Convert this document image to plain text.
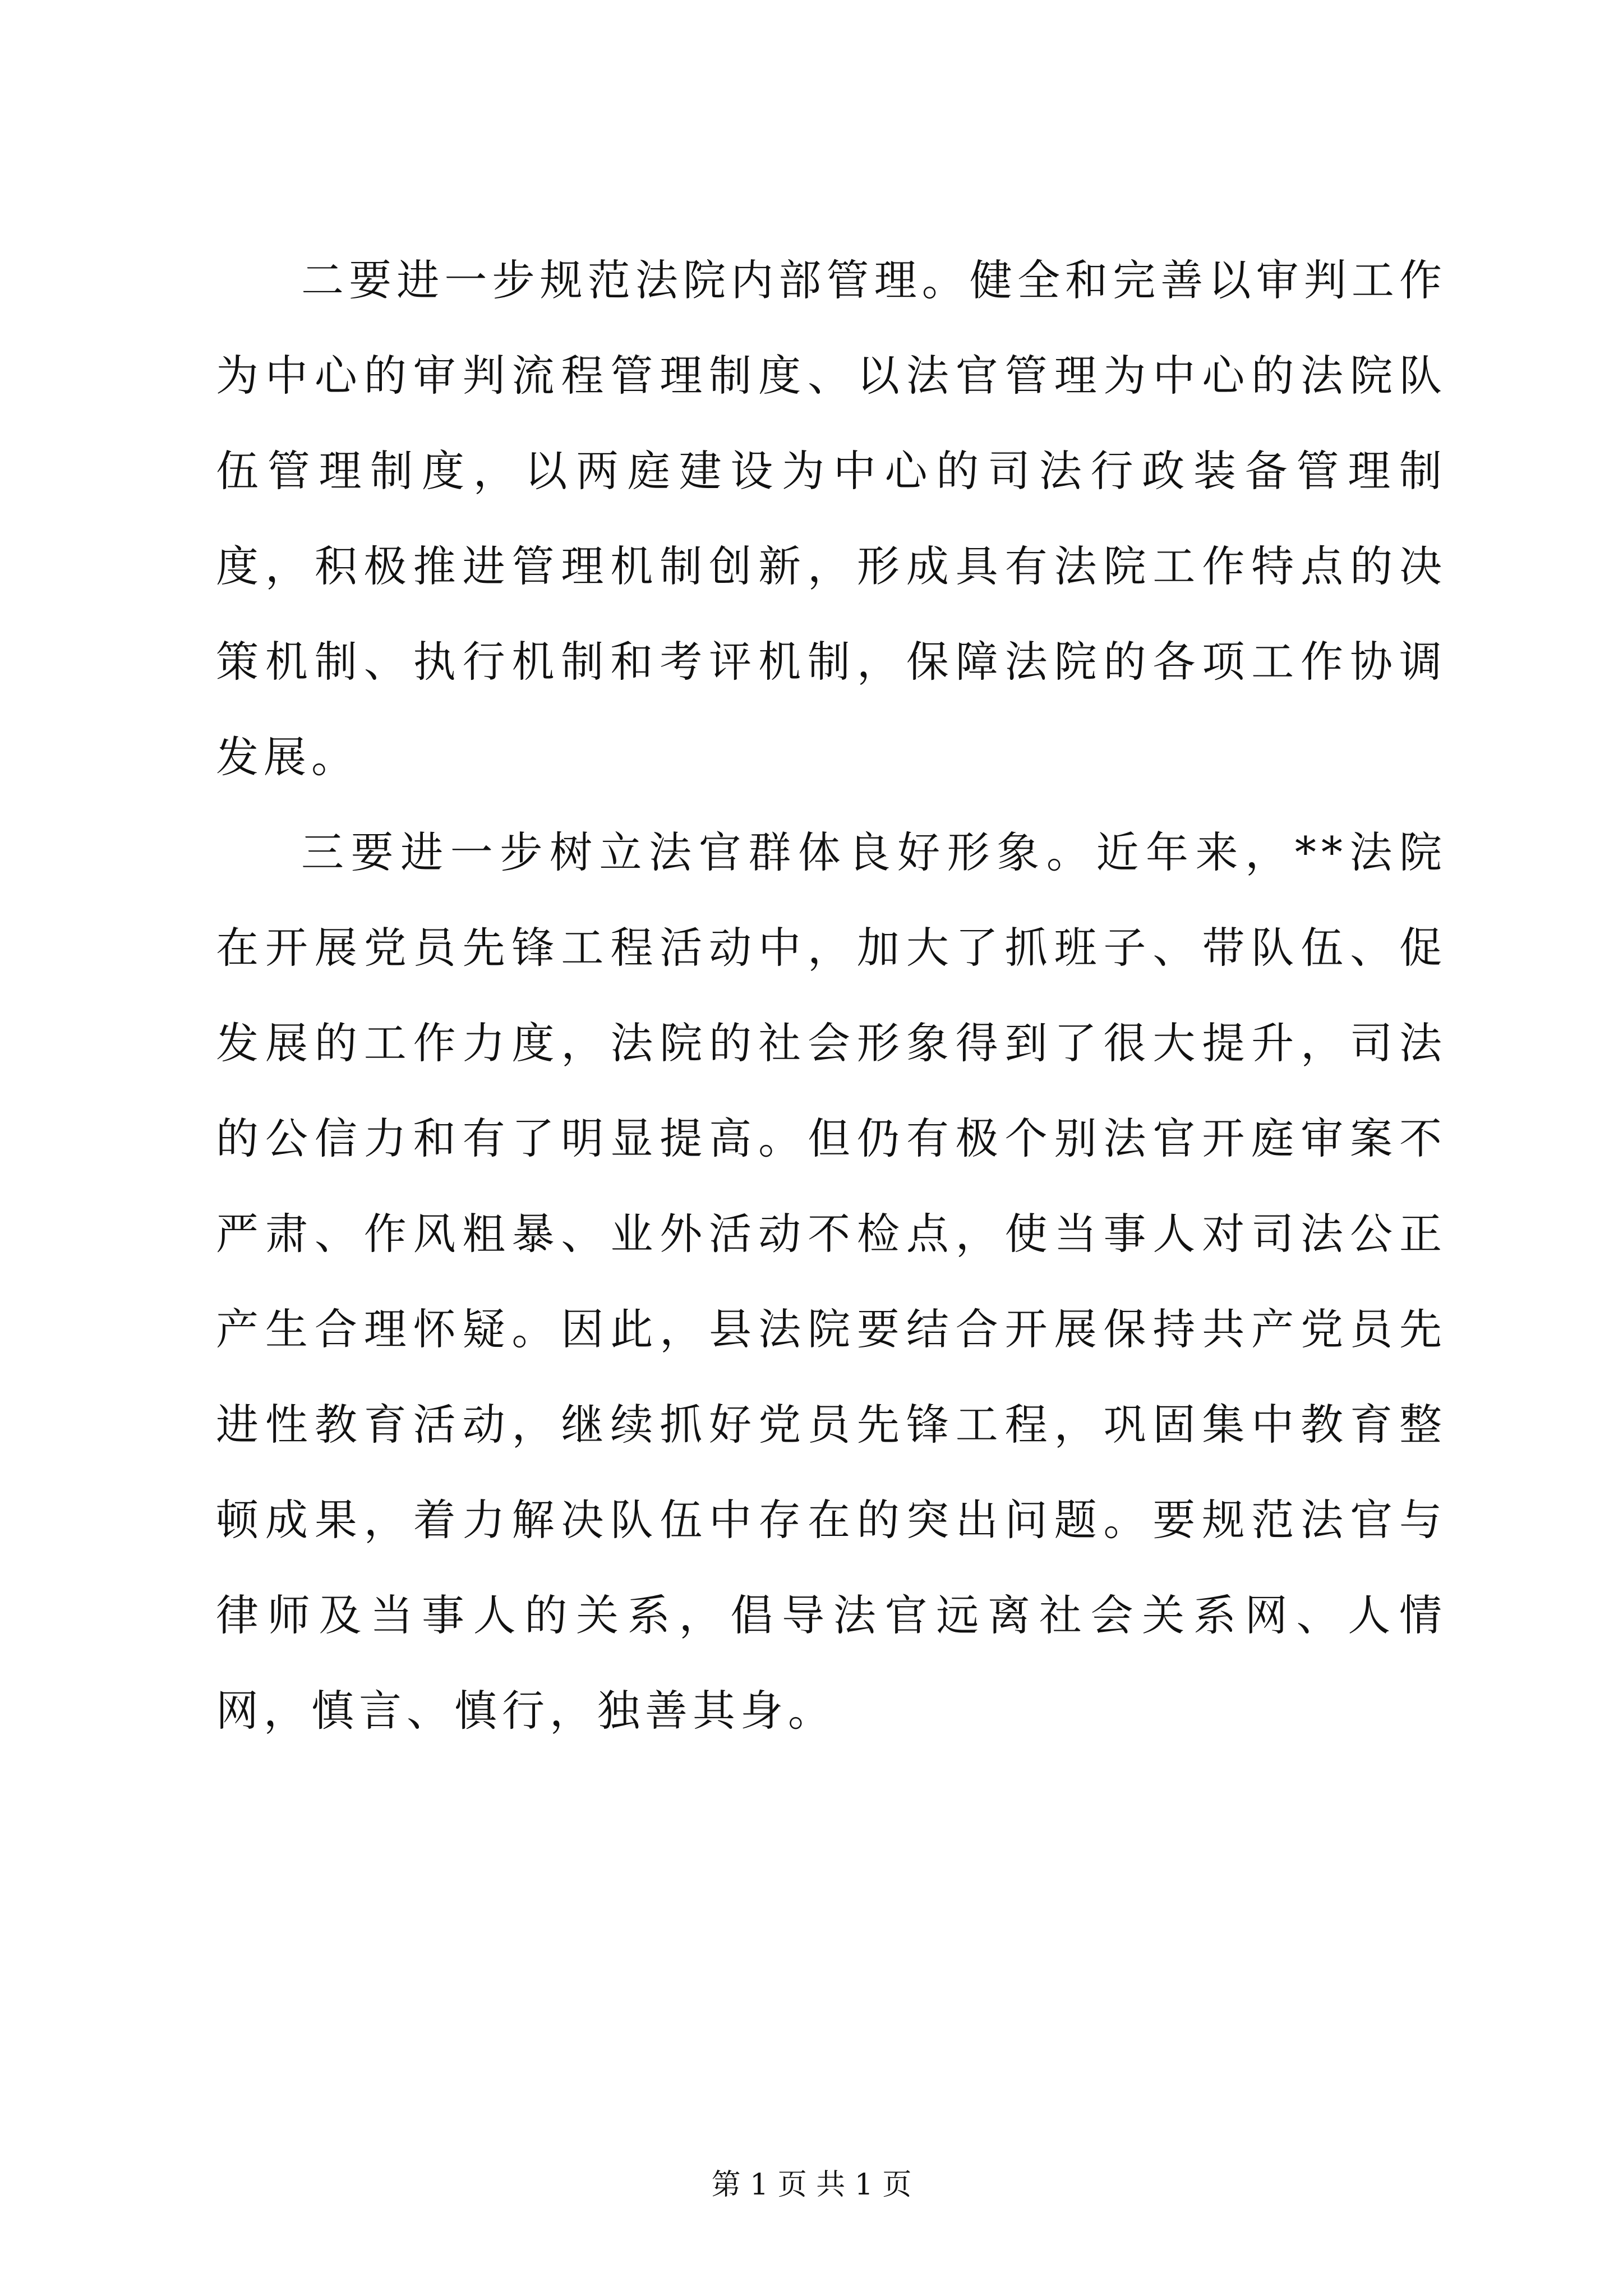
二要进一步规范法院内部管理。健全和完善以审判工作为中心的审判流程管理制度、以法官管理为中心的法院队伍管理制度，以两庭建设为中心的司法行政装备管理制度，积极推进管理机制创新，形成具有法院工作特点的决策机制、执行机制和考评机制，保障法院的各项工作协调发展。

三要进一步树立法官群体良好形象。近年来，**法院在开展党员先锋工程活动中，加大了抓班子、带队伍、促发展的工作力度，法院的社会形象得到了很大提升，司法的公信力和有了明显提高。但仍有极个别法官开庭审案不严肃、作风粗暴、业外活动不检点，使当事人对司法公正产生合理怀疑。因此，县法院要结合开展保持共产党员先进性教育活动，继续抓好党员先锋工程，巩固集中教育整顿成果，着力解决队伍中存在的突出问题。要规范法官与律师及当事人的关系，倡导法官远离社会关系网、人情网，慎言、慎行，独善其身。

第 1 页 共 1 页
